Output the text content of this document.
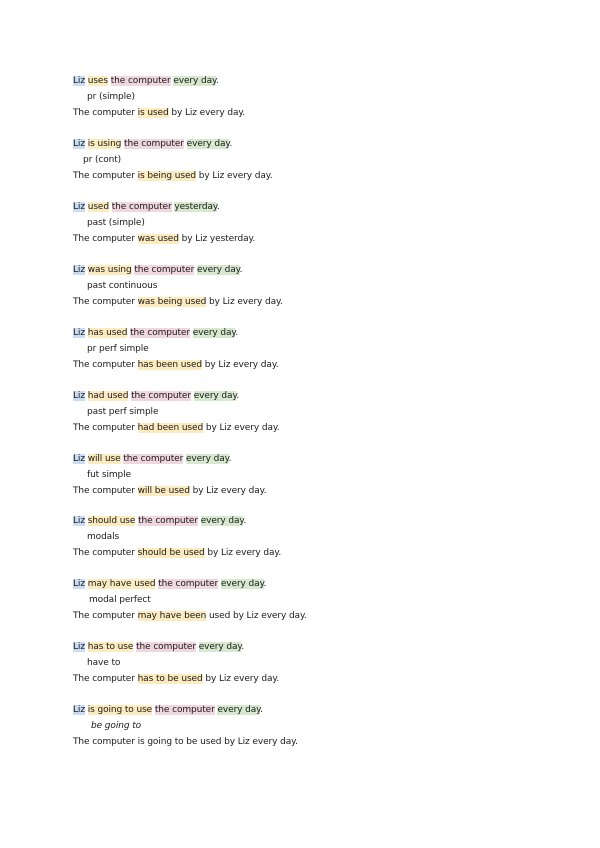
Liz uses the computer every day.
pr (simple)
The computer is used by Liz every day.
Liz is using the computer every day.
pr (cont)
The computer is being used by Liz every day.
Liz used the computer yesterday.
past (simple)
The computer was used by Liz yesterday.
Liz was using the computer every day.
past continuous
The computer was being used by Liz every day.
Liz has used the computer every day.
pr perf simple
The computer has been used by Liz every day.
Liz had used the computer every day.
past perf simple
The computer had been used by Liz every day.
Liz will use the computer every day.
fut simple
The computer will be used by Liz every day.
Liz should use the computer every day.
modals
The computer should be used by Liz every day.
Liz may have used the computer every day.
modal perfect
The computer may have been used by Liz every day.
Liz has to use the computer every day.
have to
The computer has to be used by Liz every day.
Liz is going to use the computer every day.
be going to
The computer is going to be used by Liz every day.
